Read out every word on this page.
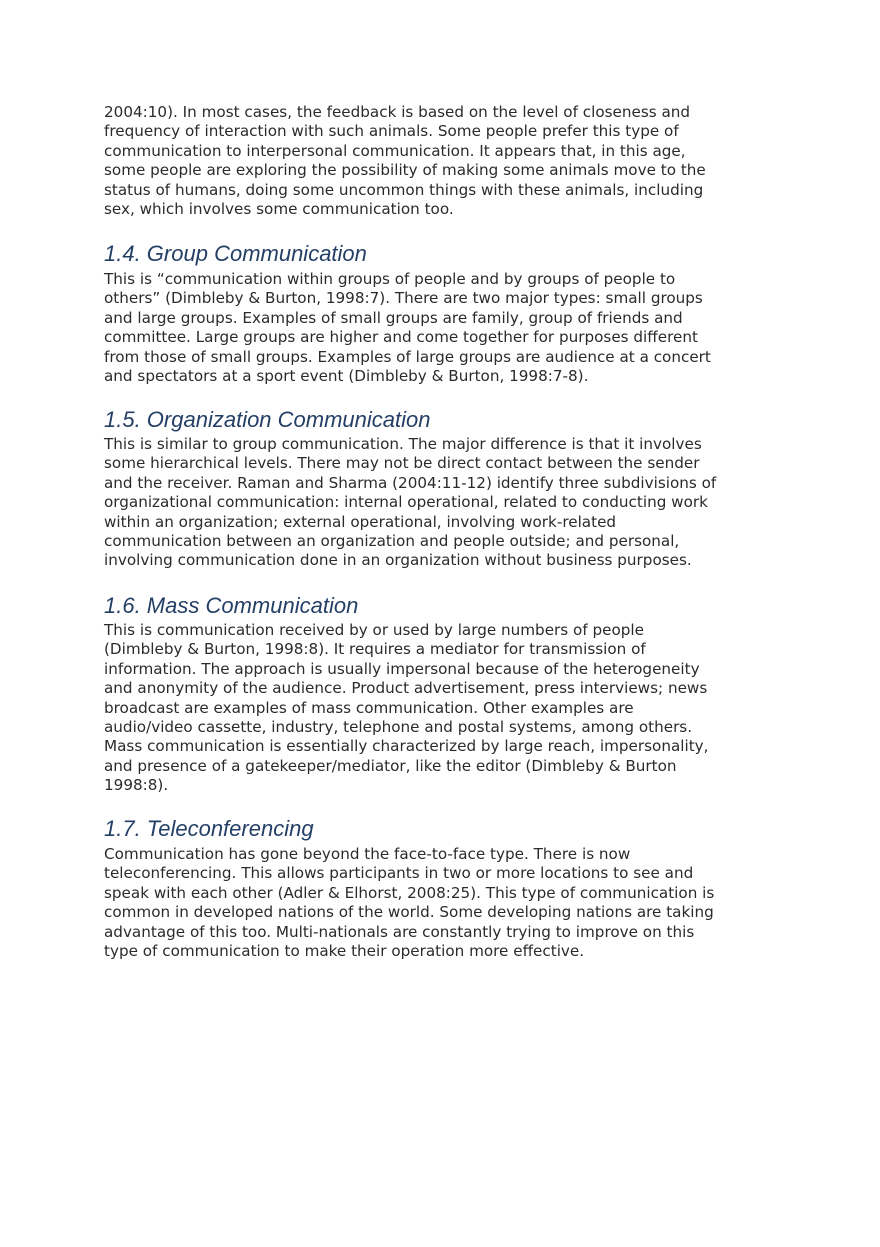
2004:10). In most cases, the feedback is based on the level of closeness and
frequency of interaction with such animals. Some people prefer this type of
communication to interpersonal communication. It appears that, in this age,
some people are exploring the possibility of making some animals move to the
status of humans, doing some uncommon things with these animals, including
sex, which involves some communication too.
1.4. Group Communication
This is “communication within groups of people and by groups of people to
others” (Dimbleby & Burton, 1998:7). There are two major types: small groups
and large groups. Examples of small groups are family, group of friends and
committee. Large groups are higher and come together for purposes different
from those of small groups. Examples of large groups are audience at a concert
and spectators at a sport event (Dimbleby & Burton, 1998:7-8).
1.5. Organization Communication
This is similar to group communication. The major difference is that it involves
some hierarchical levels. There may not be direct contact between the sender
and the receiver. Raman and Sharma (2004:11-12) identify three subdivisions of
organizational communication: internal operational, related to conducting work
within an organization; external operational, involving work-related
communication between an organization and people outside; and personal,
involving communication done in an organization without business purposes.
1.6. Mass Communication
This is communication received by or used by large numbers of people
(Dimbleby & Burton, 1998:8). It requires a mediator for transmission of
information. The approach is usually impersonal because of the heterogeneity
and anonymity of the audience. Product advertisement, press interviews; news
broadcast are examples of mass communication. Other examples are
audio/video cassette, industry, telephone and postal systems, among others.
Mass communication is essentially characterized by large reach, impersonality,
and presence of a gatekeeper/mediator, like the editor (Dimbleby & Burton
1998:8).
1.7. Teleconferencing
Communication has gone beyond the face-to-face type. There is now
teleconferencing. This allows participants in two or more locations to see and
speak with each other (Adler & Elhorst, 2008:25). This type of communication is
common in developed nations of the world. Some developing nations are taking
advantage of this too. Multi-nationals are constantly trying to improve on this
type of communication to make their operation more effective.
